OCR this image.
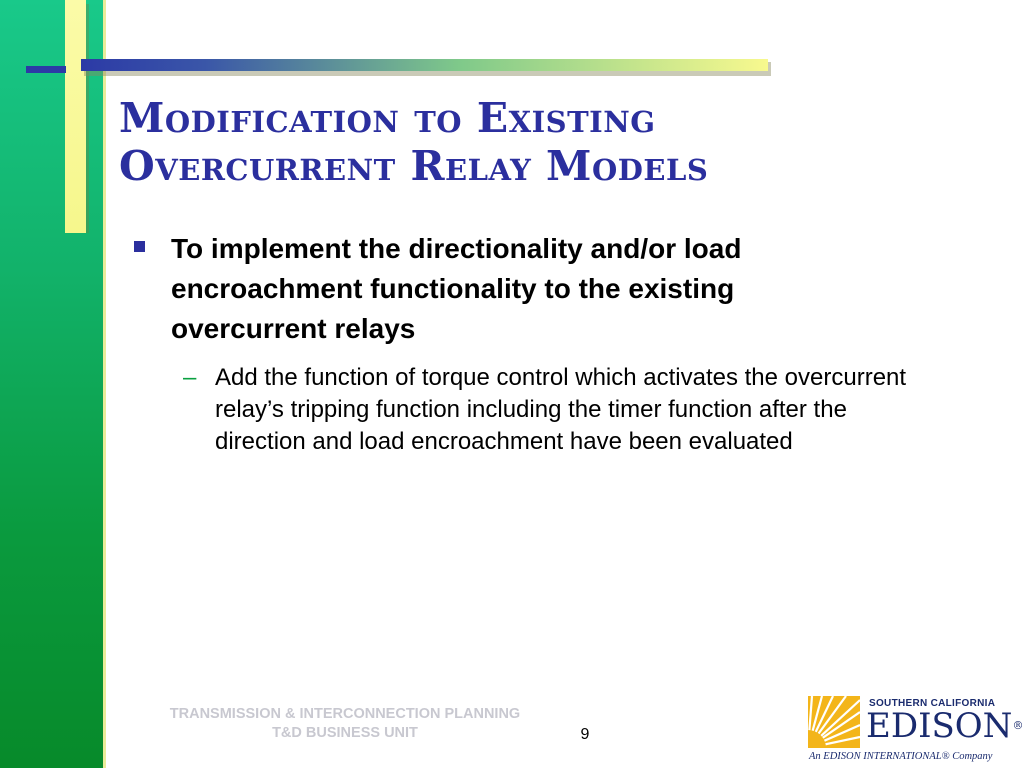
Modification to Existing
Overcurrent Relay Models
To implement the directionality and/or load encroachment functionality to the existing overcurrent relays
– Add the function of torque control which activates the overcurrent relay’s tripping function including the timer function after the direction and load encroachment have been evaluated
TRANSMISSION & INTERCONNECTION PLANNING
T&D BUSINESS UNIT	9
SOUTHERN CALIFORNIA
EDISON®
An EDISON INTERNATIONAL® Company
